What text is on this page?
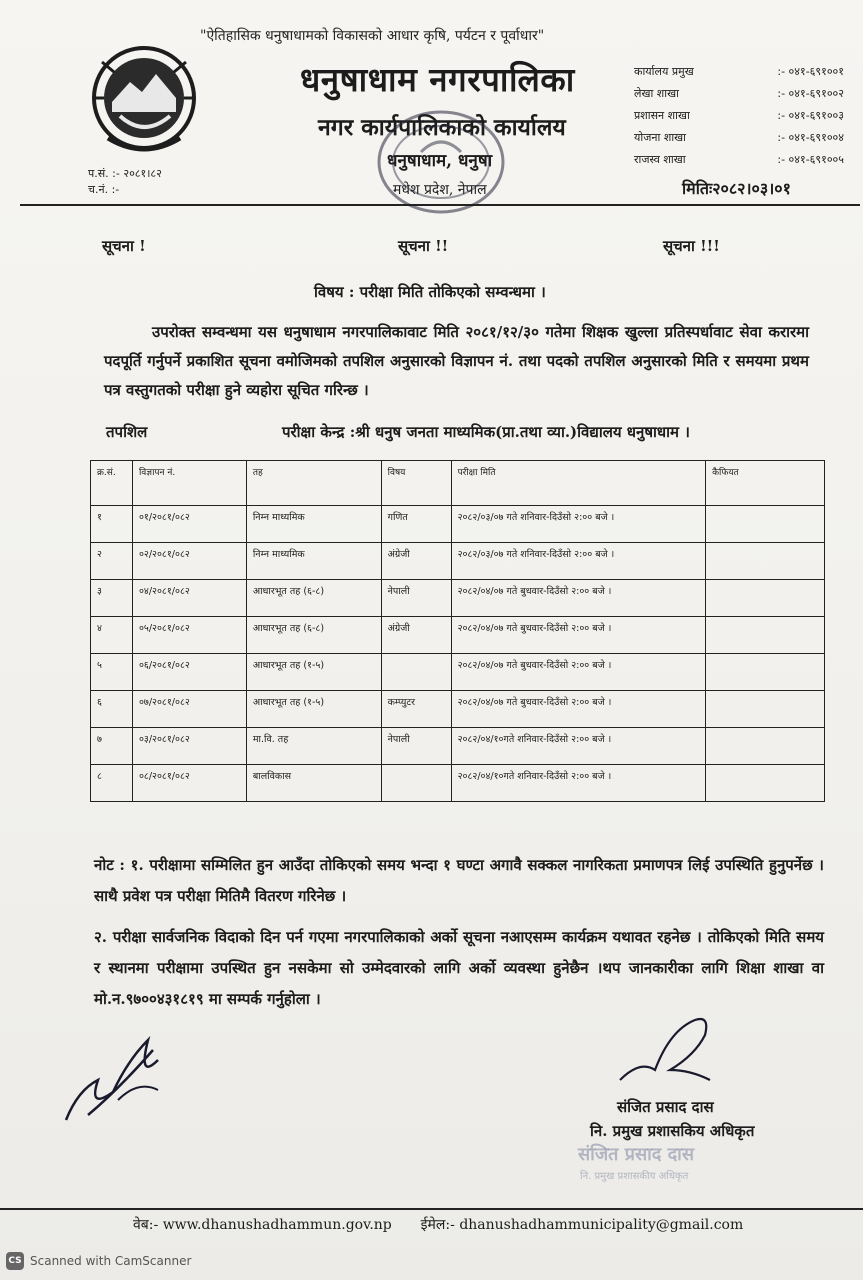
"ऐतिहासिक धनुषाधामको विकासको आधार कृषि, पर्यटन र पूर्वाधार"
धनुषाधाम नगरपालिका
नगर कार्यपालिकाको कार्यालय
धनुषाधाम, धनुषा
मधेश प्रदेश, नेपाल
कार्यालय प्रमुख	:- ०४१-६९१००१
लेखा शाखा	:- ०४१-६९१००२
प्रशासन शाखा	:- ०४१-६९१००३
योजना शाखा	:- ०४१-६९१००४
राजस्व शाखा	:- ०४१-६९१००५
प.सं. :- २०८१।८२
च.नं. :-	मितिः२०८२।०३।०१
सूचना !	सूचना !!	सूचना !!!
विषय : परीक्षा मिति तोकिएको सम्वन्धमा ।
उपरोक्त सम्वन्धमा यस धनुषाधाम नगरपालिकावाट मिति २०८१/१२/३० गतेमा शिक्षक खुल्ला प्रतिस्पर्धावाट सेवा करारमा पदपूर्ति गर्नुपर्ने प्रकाशित सूचना वमोजिमको तपशिल अनुसारको विज्ञापन नं. तथा पदको तपशिल अनुसारको मिति र समयमा प्रथम पत्र वस्तुगतको परीक्षा हुने व्यहोरा सूचित गरिन्छ ।
तपशिल	परीक्षा केन्द्र :श्री धनुष जनता माध्यमिक(प्रा.तथा व्या.)विद्यालय धनुषाधाम ।
क्र.सं.	विज्ञापन नं.	तह	विषय	परीक्षा मिति	कैफियत
१	०१/२०८१/०८२	निम्न माध्यमिक	गणित	२०८२/०३/०७ गते शनिवार-दिउँसो २:०० बजे ।	
२	०२/२०८१/०८२	निम्न माध्यमिक	अंग्रेजी	२०८२/०३/०७ गते शनिवार-दिउँसो २:०० बजे ।	
३	०४/२०८१/०८२	आधारभूत तह (६-८)	नेपाली	२०८२/०४/०७ गते बुधवार-दिउँसो २:०० बजे ।	
४	०५/२०८१/०८२	आधारभूत तह (६-८)	अंग्रेजी	२०८२/०४/०७ गते बुधवार-दिउँसो २:०० बजे ।	
५	०६/२०८१/०८२	आधारभूत तह (१-५)		२०८२/०४/०७ गते बुधवार-दिउँसो २:०० बजे ।	
६	०७/२०८१/०८२	आधारभूत तह (१-५)	कम्प्युटर	२०८२/०४/०७ गते बुधवार-दिउँसो २:०० बजे ।	
७	०३/२०८१/०८२	मा.वि. तह	नेपाली	२०८२/०४/१०गते शनिवार-दिउँसो २:०० बजे ।	
८	०८/२०८१/०८२	बालविकास		२०८२/०४/१०गते शनिवार-दिउँसो २:०० बजे ।	

नोट : १. परीक्षामा सम्मिलित हुन आउँदा तोकिएको समय भन्दा १ घण्टा अगावै सक्कल नागरिकता प्रमाणपत्र लिई उपस्थिति हुनुपर्नेछ । साथै प्रवेश पत्र परीक्षा मितिमै वितरण गरिनेछ ।

२. परीक्षा सार्वजनिक विदाको दिन पर्न गएमा नगरपालिकाको अर्को सूचना नआएसम्म कार्यक्रम यथावत रहनेछ । तोकिएको मिति समय र स्थानमा परीक्षामा उपस्थित हुन नसकेमा सो उम्मेदवारको लागि अर्को व्यवस्था हुनेछैन ।थप जानकारीका लागि शिक्षा शाखा वा मो.न.९७००४३१८१९ मा सम्पर्क गर्नुहोला ।

संजित प्रसाद दास
नि. प्रमुख प्रशासकिय अधिकृत
संजित प्रसाद दास
नि. प्रमुख प्रशासकीय अधिकृत
वेब:- www.dhanushadhammun.gov.np ईमेल:- dhanushadhammunicipality@gmail.com
CS Scanned with CamScanner
